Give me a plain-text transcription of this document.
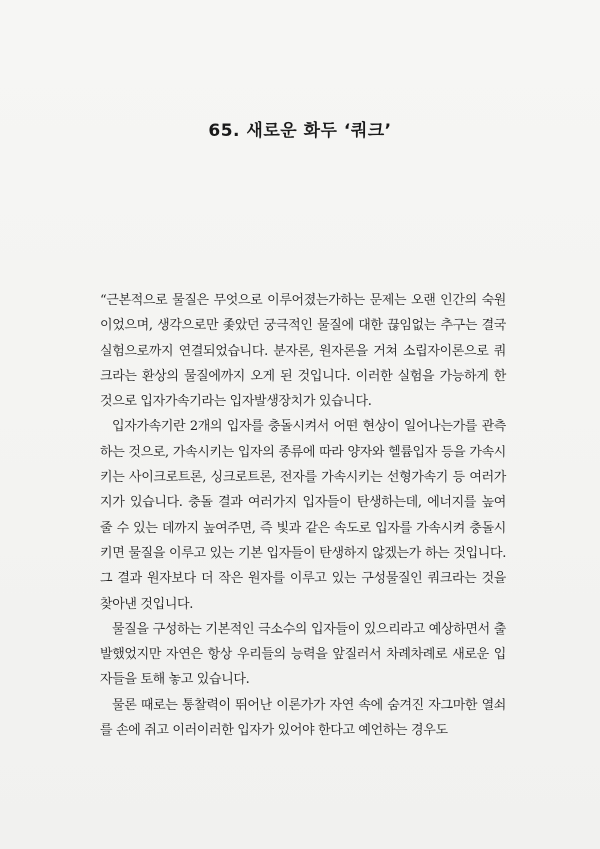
65. 새로운 화두 ‘쿼크’

“근본적으로 물질은 무엇으로 이루어졌는가하는 문제는 오랜 인간의 숙원이었으며, 생각으로만 좇았던 궁극적인 물질에 대한 끊임없는 추구는 결국 실험으로까지 연결되었습니다. 분자론, 원자론을 거쳐 소립자이론으로 쿼크라는 환상의 물질에까지 오게 된 것입니다. 이러한 실험을 가능하게 한 것으로 입자가속기라는 입자발생장치가 있습니다.

입자가속기란 2개의 입자를 충돌시켜서 어떤 현상이 일어나는가를 관측하는 것으로, 가속시키는 입자의 종류에 따라 양자와 헬륨입자 등을 가속시키는 사이크로트론, 싱크로트론, 전자를 가속시키는 선형가속기 등 여러가지가 있습니다. 충돌 결과 여러가지 입자들이 탄생하는데, 에너지를 높여 줄 수 있는 데까지 높여주면, 즉 빛과 같은 속도로 입자를 가속시켜 충돌시키면 물질을 이루고 있는 기본 입자들이 탄생하지 않겠는가 하는 것입니다. 그 결과 원자보다 더 작은 원자를 이루고 있는 구성물질인 쿼크라는 것을 찾아낸 것입니다.

물질을 구성하는 기본적인 극소수의 입자들이 있으리라고 예상하면서 출발했었지만 자연은 항상 우리들의 능력을 앞질러서 차례차례로 새로운 입자들을 토해 놓고 있습니다.

물론 때로는 통찰력이 뛰어난 이론가가 자연 속에 숨겨진 자그마한 열쇠를 손에 쥐고 이러이러한 입자가 있어야 한다고 예언하는 경우도
